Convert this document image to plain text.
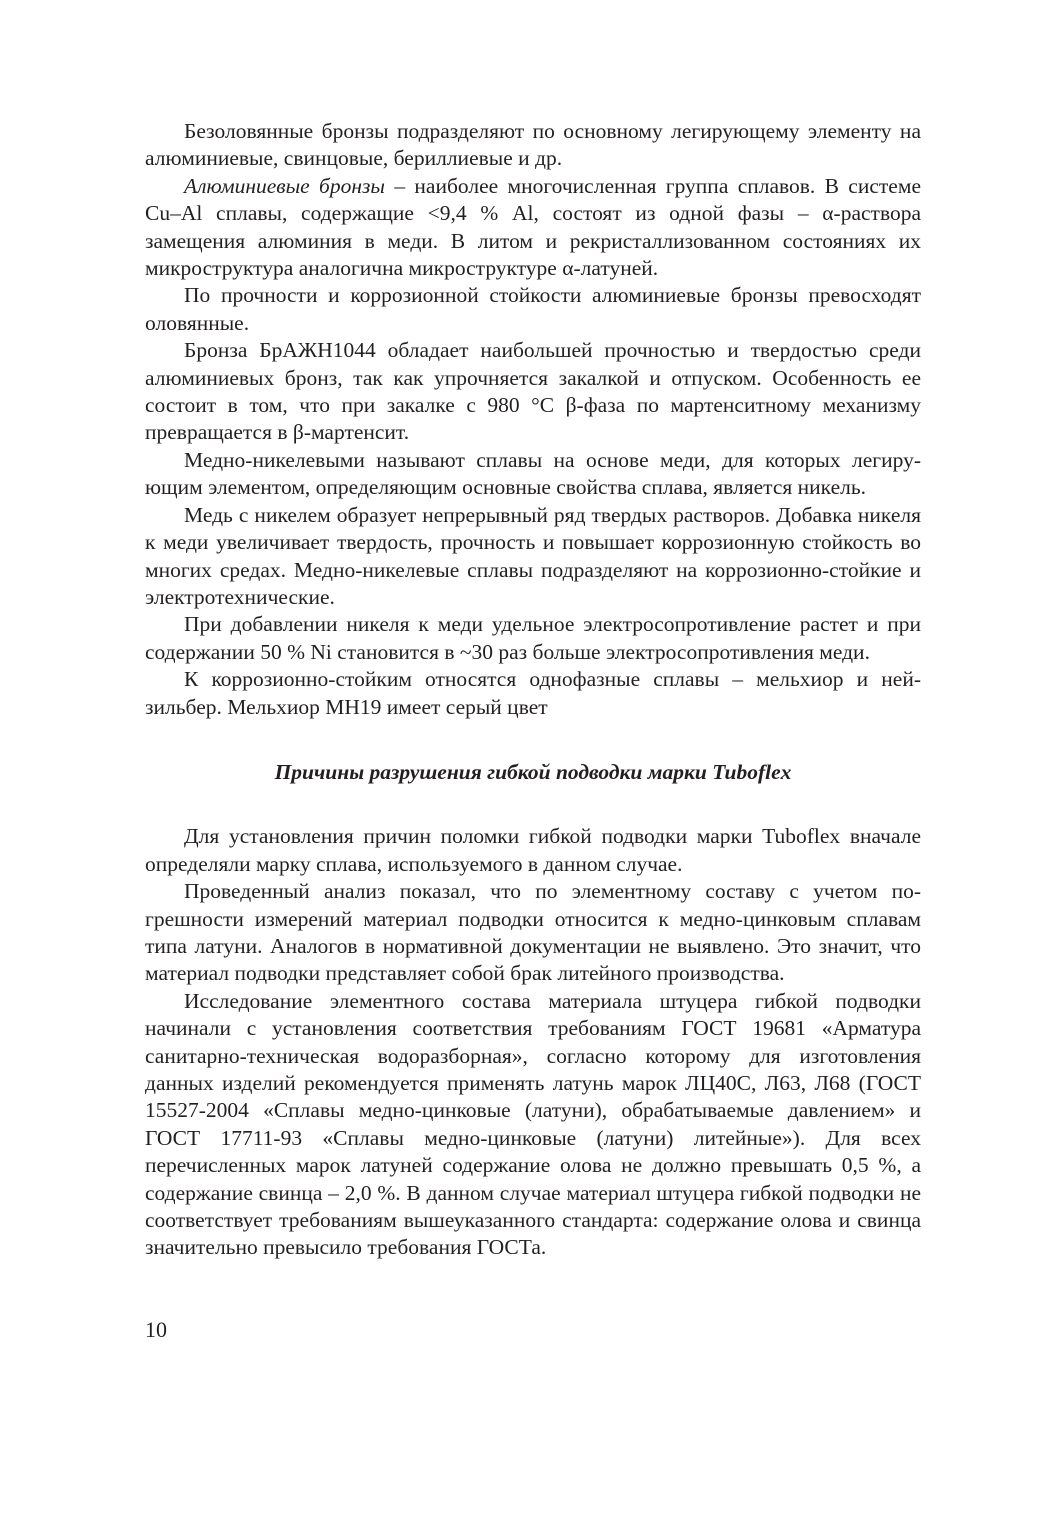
Безоловянные бронзы подразделяют по основному легирующему элементу на алюминиевые, свинцовые, бериллиевые и др.

Алюминиевые бронзы – наиболее многочисленная группа сплавов. В системе Cu–Al сплавы, содержащие <9,4 % Al, состоят из одной фазы – α-раствора замещения алюминия в меди. В литом и рекристаллизованном состояниях их микроструктура аналогична микроструктуре α-латуней.

По прочности и коррозионной стойкости алюминиевые бронзы превосходят оловянные.

Бронза БрАЖН1044 обладает наибольшей прочностью и твердостью среди алюминиевых бронз, так как упрочняется закалкой и отпуском. Особенность ее состоит в том, что при закалке с 980 °С β-фаза по мартенситному механизму превращается в β-мартенсит.

Медно-никелевыми называют сплавы на основе меди, для которых легирующим элементом, определяющим основные свойства сплава, является никель.

Медь с никелем образует непрерывный ряд твердых растворов. Добавка никеля к меди увеличивает твердость, прочность и повышает коррозионную стойкость во многих средах. Медно-никелевые сплавы подразделяют на коррозионно-стойкие и электротехнические.

При добавлении никеля к меди удельное электросопротивление растет и при содержании 50 % Ni становится в ~30 раз больше электросопротивления меди.

К коррозионно-стойким относятся однофазные сплавы – мельхиор и нейзильбер. Мельхиор МН19 имеет серый цвет

Причины разрушения гибкой подводки марки Tuboflex

Для установления причин поломки гибкой подводки марки Tuboflex вначале определяли марку сплава, используемого в данном случае.

Проведенный анализ показал, что по элементному составу с учетом погрешности измерений материал подводки относится к медно-цинковым сплавам типа латуни. Аналогов в нормативной документации не выявлено. Это значит, что материал подводки представляет собой брак литейного производства.

Исследование элементного состава материала штуцера гибкой подводки начинали с установления соответствия требованиям ГОСТ 19681 «Арматура санитарно-техническая водоразборная», согласно которому для изготовления данных изделий рекомендуется применять латунь марок ЛЦ40С, Л63, Л68 (ГОСТ 15527-2004 «Сплавы медно-цинковые (латуни), обрабатываемые давлением» и ГОСТ 17711-93 «Сплавы медно-цинковые (латуни) литейные»). Для всех перечисленных марок латуней содержание олова не должно превышать 0,5 %, а содержание свинца – 2,0 %. В данном случае материал штуцера гибкой подводки не соответствует требованиям вышеуказанного стандарта: содержание олова и свинца значительно превысило требования ГОСТа.

10
